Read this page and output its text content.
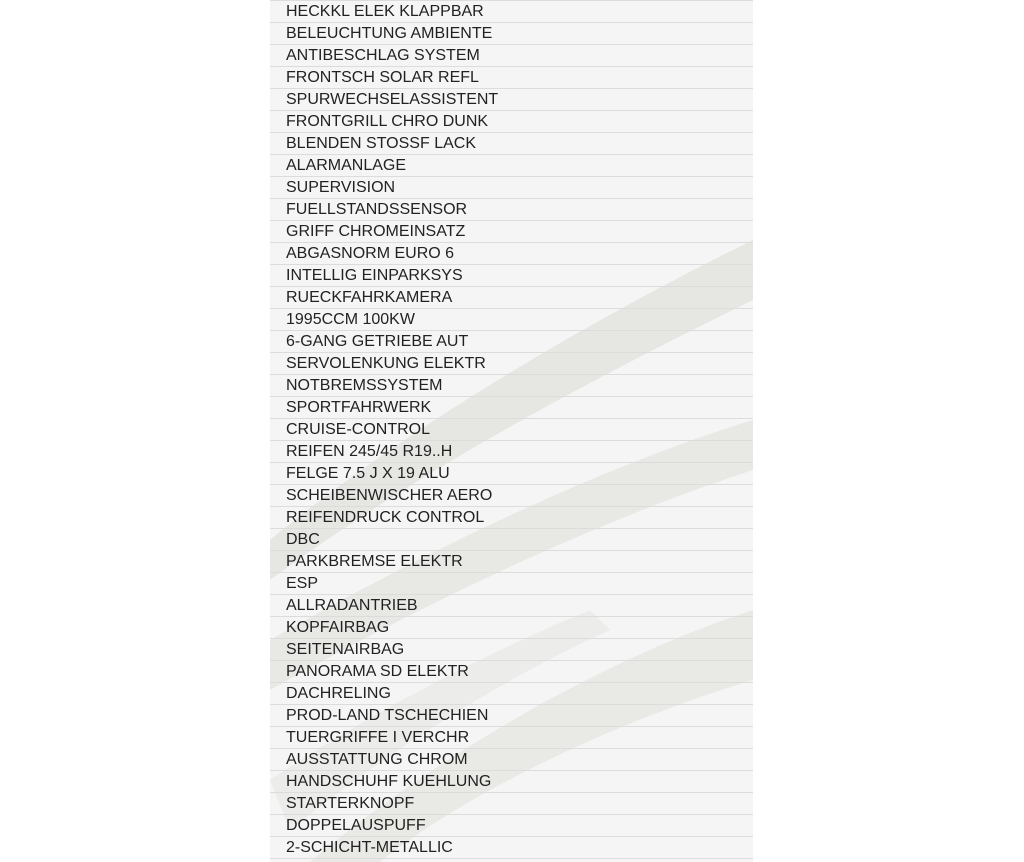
HECKKL ELEK KLAPPBAR
BELEUCHTUNG AMBIENTE
ANTIBESCHLAG SYSTEM
FRONTSCH SOLAR REFL
SPURWECHSELASSISTENT
FRONTGRILL CHRO DUNK
BLENDEN STOSSF LACK
ALARMANLAGE
SUPERVISION
FUELLSTANDSSENSOR
GRIFF CHROMEINSATZ
ABGASNORM EURO 6
INTELLIG EINPARKSYS
RUECKFAHRKAMERA
1995CCM 100KW
6-GANG GETRIEBE AUT
SERVOLENKUNG ELEKTR
NOTBREMSSYSTEM
SPORTFAHRWERK
CRUISE-CONTROL
REIFEN 245/45 R19..H
FELGE 7.5 J X 19 ALU
SCHEIBENWISCHER AERO
REIFENDRUCK CONTROL
DBC
PARKBREMSE ELEKTR
ESP
ALLRADANTRIEB
KOPFAIRBAG
SEITENAIRBAG
PANORAMA SD ELEKTR
DACHRELING
PROD-LAND TSCHECHIEN
TUERGRIFFE I VERCHR
AUSSTATTUNG CHROM
HANDSCHUHF KUEHLUNG
STARTERKNOPF
DOPPELAUSPUFF
2-SCHICHT-METALLIC
